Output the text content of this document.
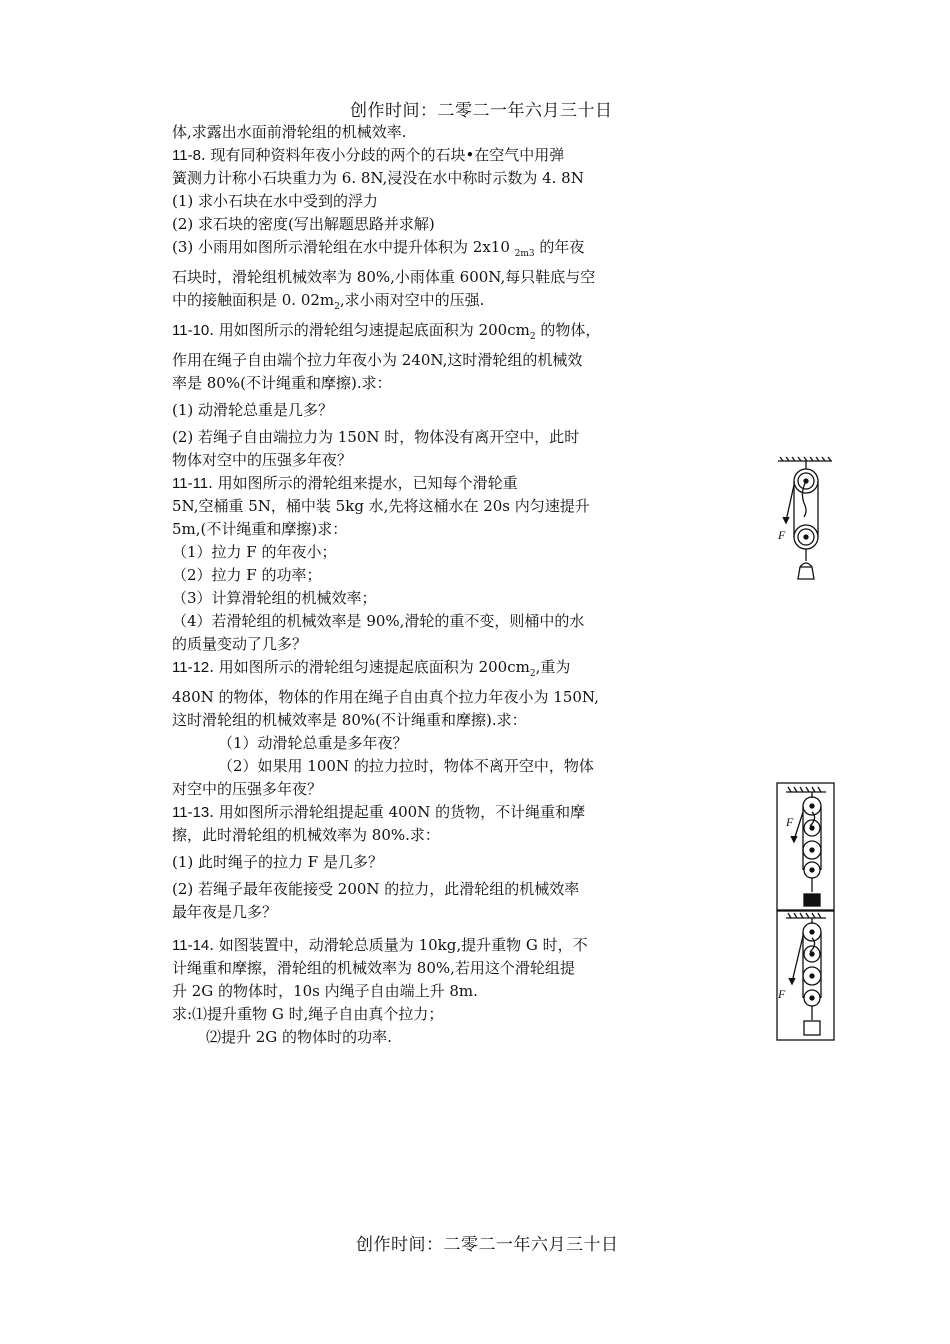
创作时间：二零二一年六月三十日

体,求露出水面前滑轮组的机械效率.

11-8. 现有同种资料年夜小分歧的两个的石块•在空气中用弹

簧测力计称小石块重力为 6. 8N,浸没在水中称时示数为 4. 8N

(1) 求小石块在水中受到的浮力

(2) 求石块的密度(写出解题思路并求解)

(3) 小雨用如图所示滑轮组在水中提升体积为 2x10 $_{2m3}$ 的年夜

石块时，滑轮组机械效率为 80%,小雨体重 600N,每只鞋底与空

中的接触面积是 0. $02m_2$,求小雨对空中的压强.

11-10. 用如图所示的滑轮组匀速提起底面积为 $200cm_2$ 的物体，

作用在绳子自由端个拉力年夜小为 240N,这时滑轮组的机械效

率是 80%(不计绳重和摩擦).求：

(1) 动滑轮总重是几多？

(2) 若绳子自由端拉力为 150N 时，物体没有离开空中，此时

物体对空中的压强多年夜？

11-11. 用如图所示的滑轮组来提水，已知每个滑轮重

5N,空桶重 5N，桶中装 5kg 水,先将这桶水在 20s 内匀速提升

5m,(不计绳重和摩擦)求：

（1）拉力 F 的年夜小；

（2）拉力 F 的功率；

（3）计算滑轮组的机械效率；

（4）若滑轮组的机械效率是 90%,滑轮的重不变，则桶中的水

的质量变动了几多？

11-12. 用如图所示的滑轮组匀速提起底面积为 $200cm_2$,重为

480N 的物体，物体的作用在绳子自由真个拉力年夜小为 150N,

这时滑轮组的机械效率是 80%(不计绳重和摩擦).求：

（1）动滑轮总重是多年夜？

（2）如果用 100N 的拉力拉时，物体不离开空中，物体

对空中的压强多年夜？

11-13. 用如图所示滑轮组提起重 400N 的货物，不计绳重和摩

擦，此时滑轮组的机械效率为 80%.求：

(1) 此时绳子的拉力 F 是几多？

(2) 若绳子最年夜能接受 200N 的拉力，此滑轮组的机械效率

最年夜是几多？

11-14. 如图装置中，动滑轮总质量为 10kg,提升重物 G 时，不

计绳重和摩擦，滑轮组的机械效率为 80%,若用这个滑轮组提

升 2G 的物体时，10s 内绳子自由端上升 8m.

求:⑴提升重物 G 时,绳子自由真个拉力；

⑵提升 2G 的物体时的功率.

F
F
F
创作时间：二零二一年六月三十日
